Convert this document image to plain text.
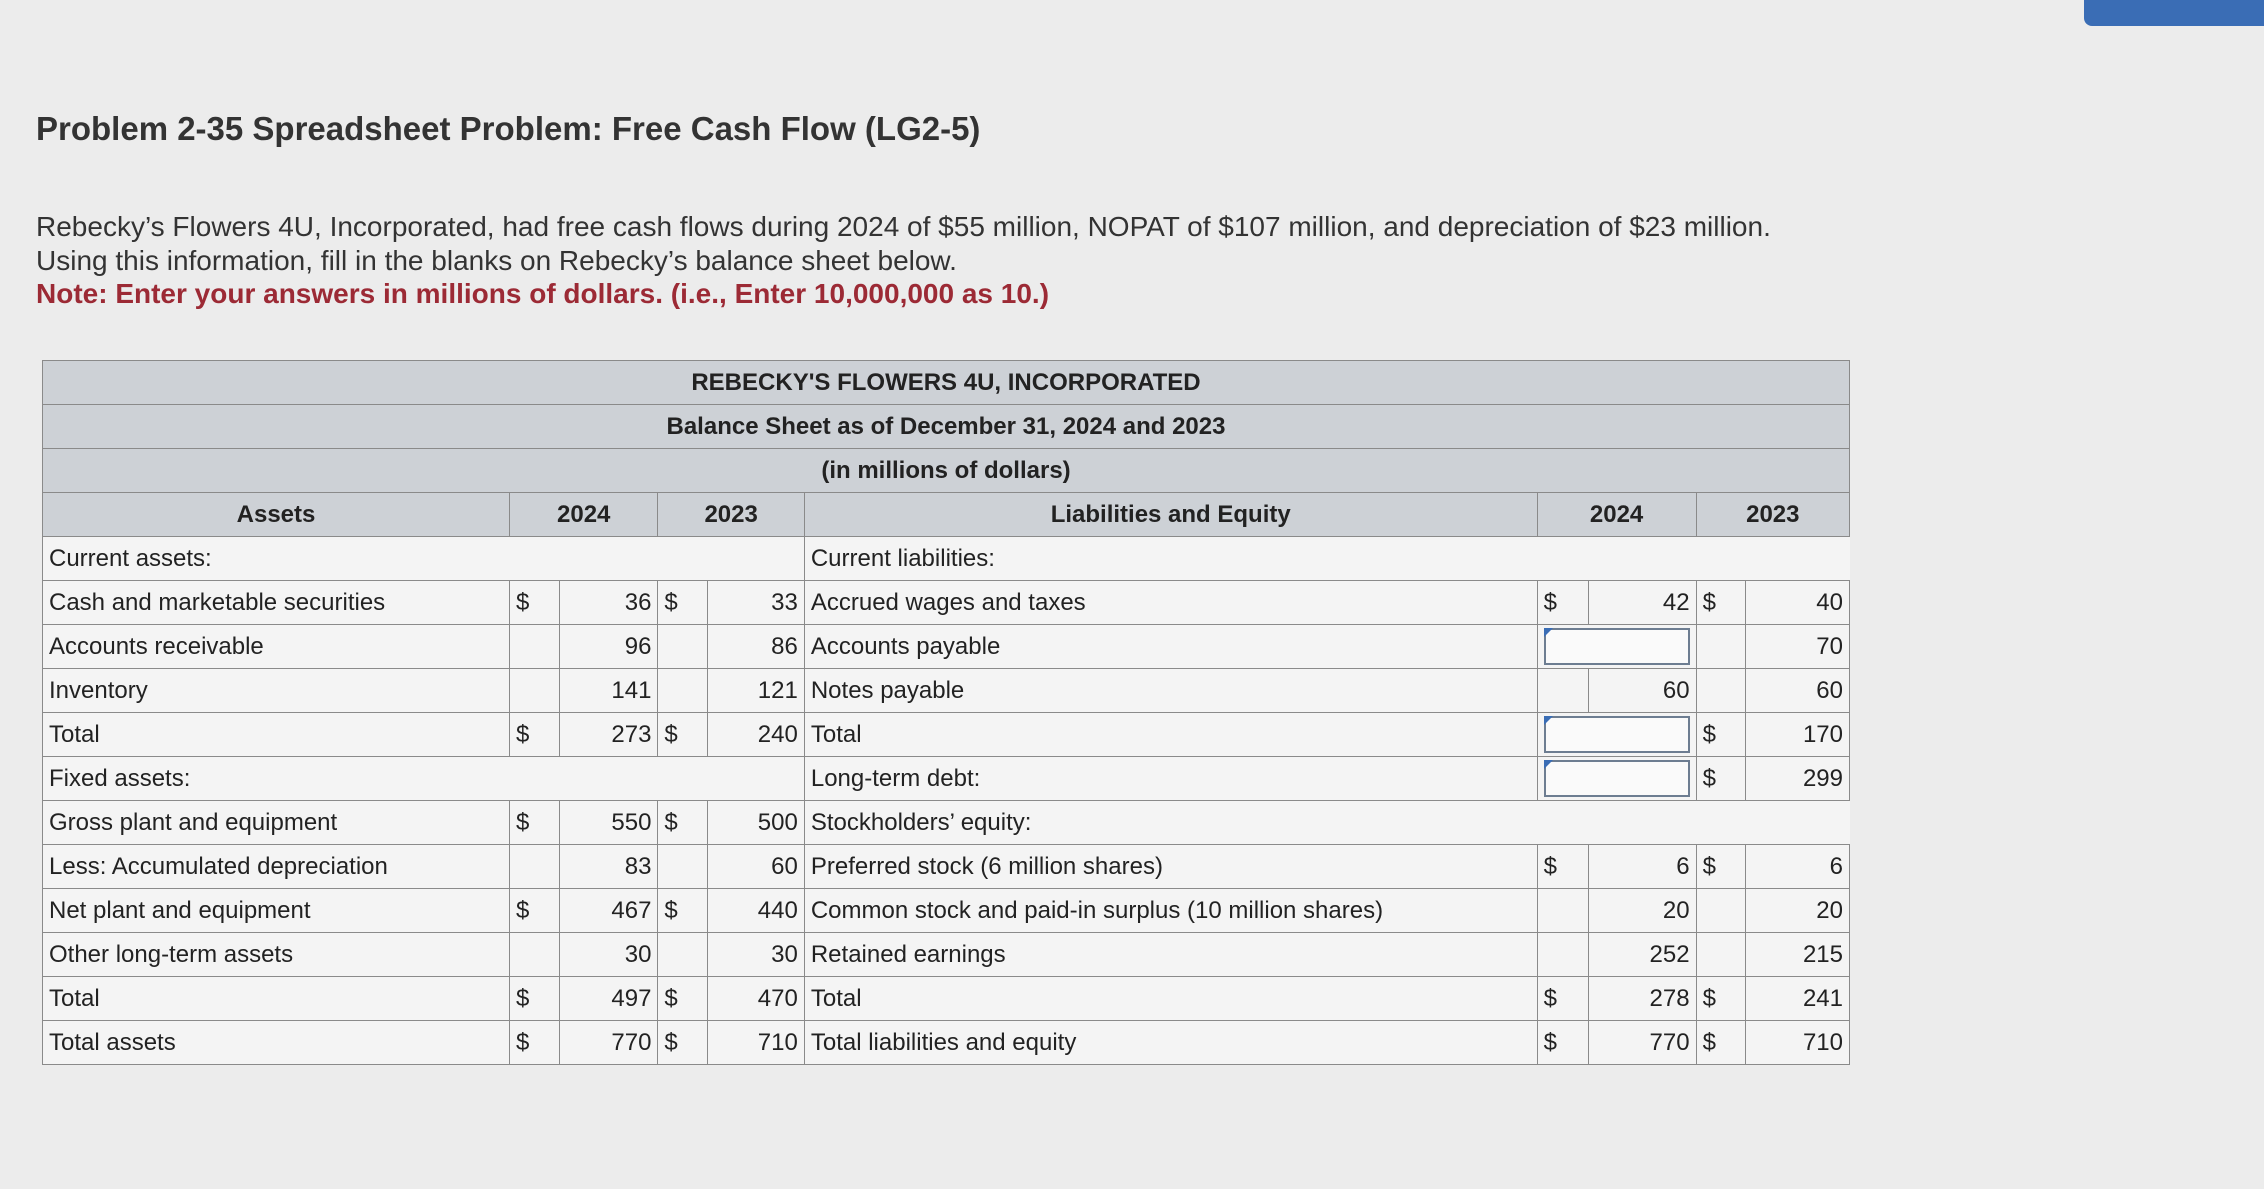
Problem 2-35 Spreadsheet Problem: Free Cash Flow (LG2-5)

Rebecky’s Flowers 4U, Incorporated, had free cash flows during 2024 of $55 million, NOPAT of $107 million, and depreciation of $23 million. Using this information, fill in the blanks on Rebecky’s balance sheet below.

Note: Enter your answers in millions of dollars. (i.e., Enter 10,000,000 as 10.)

REBECKY'S FLOWERS 4U, INCORPORATED									
Balance Sheet as of December 31, 2024 and 2023									
(in millions of dollars)									
Assets	2024		2023		Liabilities and Equity	2024		2023	
Current assets:					Current liabilities:				
Cash and marketable securities	$	36	$	33	Accrued wages and taxes	$	42	$	40
Accounts receivable		96		86	Accounts payable				70
Inventory		141		121	Notes payable		60		60
Total	$	273	$	240	Total			$	170
Fixed assets:					Long-term debt:			$	299
Gross plant and equipment	$	550	$	500	Stockholders’ equity:				
Less: Accumulated depreciation		83		60	Preferred stock (6 million shares)	$	6	$	6
Net plant and equipment	$	467	$	440	Common stock and paid-in surplus (10 million shares)		20		20
Other long-term assets		30		30	Retained earnings		252		215
Total	$	497	$	470	Total	$	278	$	241
Total assets	$	770	$	710	Total liabilities and equity	$	770	$	710
